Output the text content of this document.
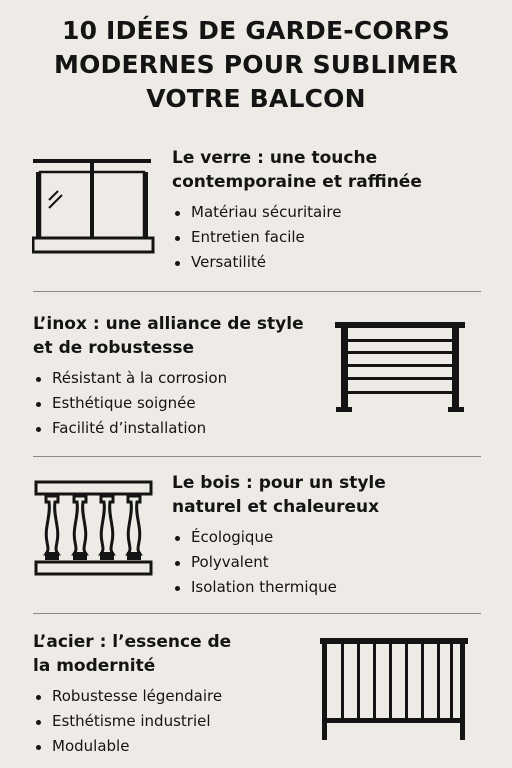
10 IDÉES DE GARDE-CORPS
MODERNES POUR SUBLIMER
VOTRE BALCON
Le verre : une touche
contemporaine et raffinée
Matériau sécuritaire
Entretien facile
Versatilité
L’inox : une alliance de style
et de robustesse
Résistant à la corrosion
Esthétique soignée
Facilité d’installation
Le bois : pour un style
naturel et chaleureux
Écologique
Polyvalent
Isolation thermique
L’acier : l’essence de
la modernité
Robustesse légendaire
Esthétisme industriel
Modulable
